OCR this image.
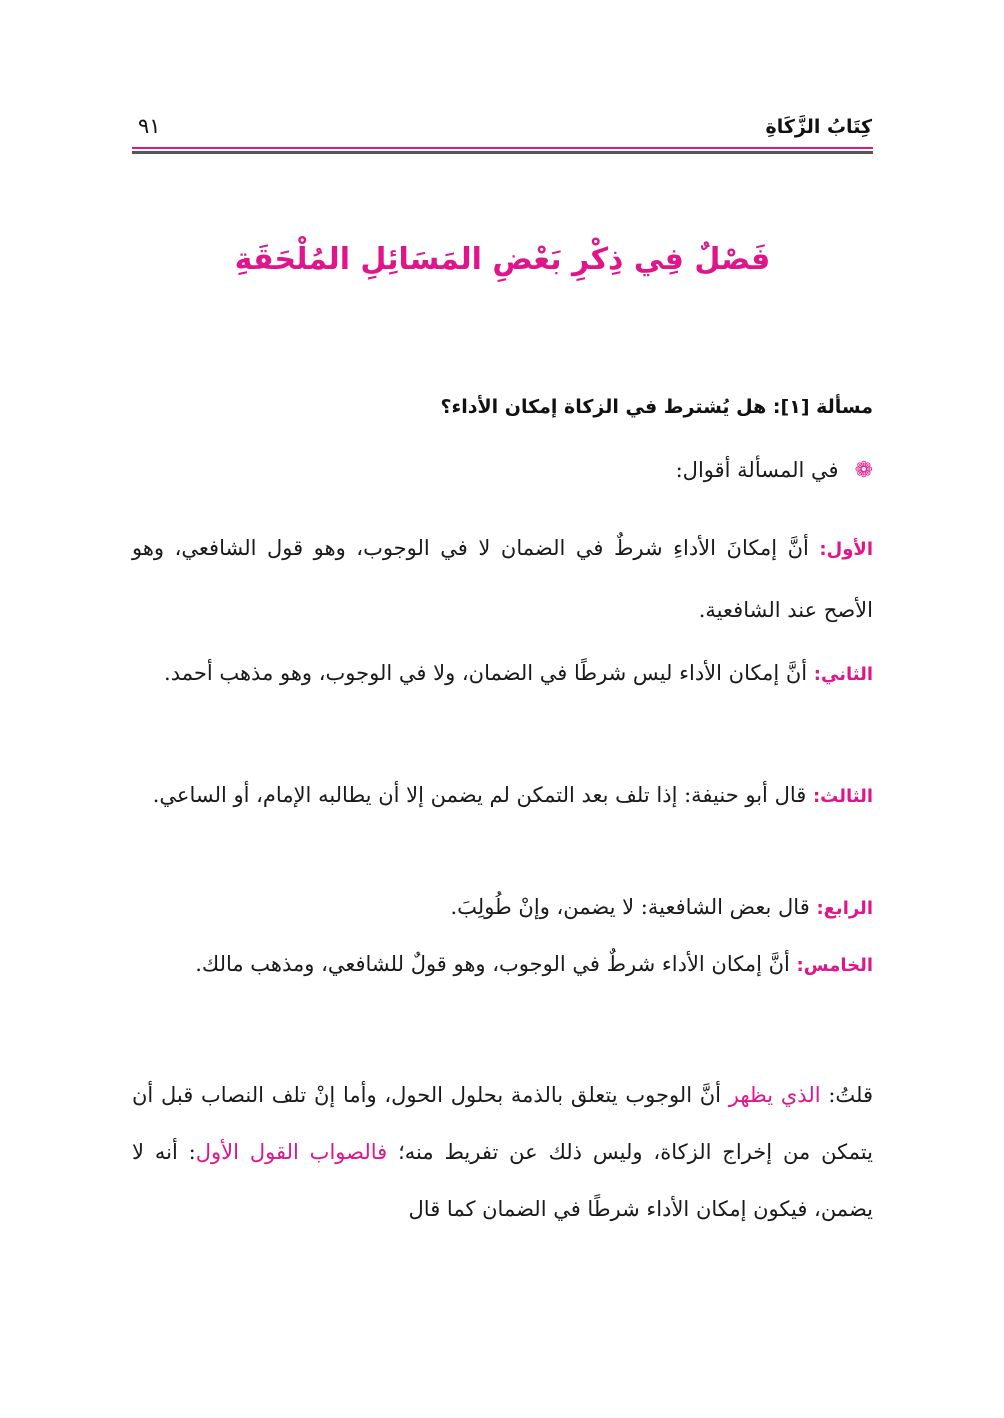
كِتَابُ الزَّكَاةِ
٩١
فَصْلٌ فِي ذِكْرِ بَعْضِ المَسَائِلِ المُلْحَقَةِ
مسألة [١]: هل يُشترط في الزكاة إمكان الأداء؟
❁في المسألة أقوال:
الأول: أنَّ إمكانَ الأداءِ شرطٌ في الضمان لا في الوجوب، وهو قول الشافعي، وهو الأصح عند الشافعية.
الثاني: أنَّ إمكان الأداء ليس شرطًا في الضمان، ولا في الوجوب، وهو مذهب أحمد.
الثالث: قال أبو حنيفة: إذا تلف بعد التمكن لم يضمن إلا أن يطالبه الإمام، أو الساعي.
الرابع: قال بعض الشافعية: لا يضمن، وإنْ طُولِبَ.
الخامس: أنَّ إمكان الأداء شرطٌ في الوجوب، وهو قولٌ للشافعي، ومذهب مالك.
قلتُ: الذي يظهر أنَّ الوجوب يتعلق بالذمة بحلول الحول، وأما إنْ تلف النصاب قبل أن يتمكن من إخراج الزكاة، وليس ذلك عن تفريط منه؛ فالصواب القول الأول: أنه لا يضمن، فيكون إمكان الأداء شرطًا في الضمان كما قال
